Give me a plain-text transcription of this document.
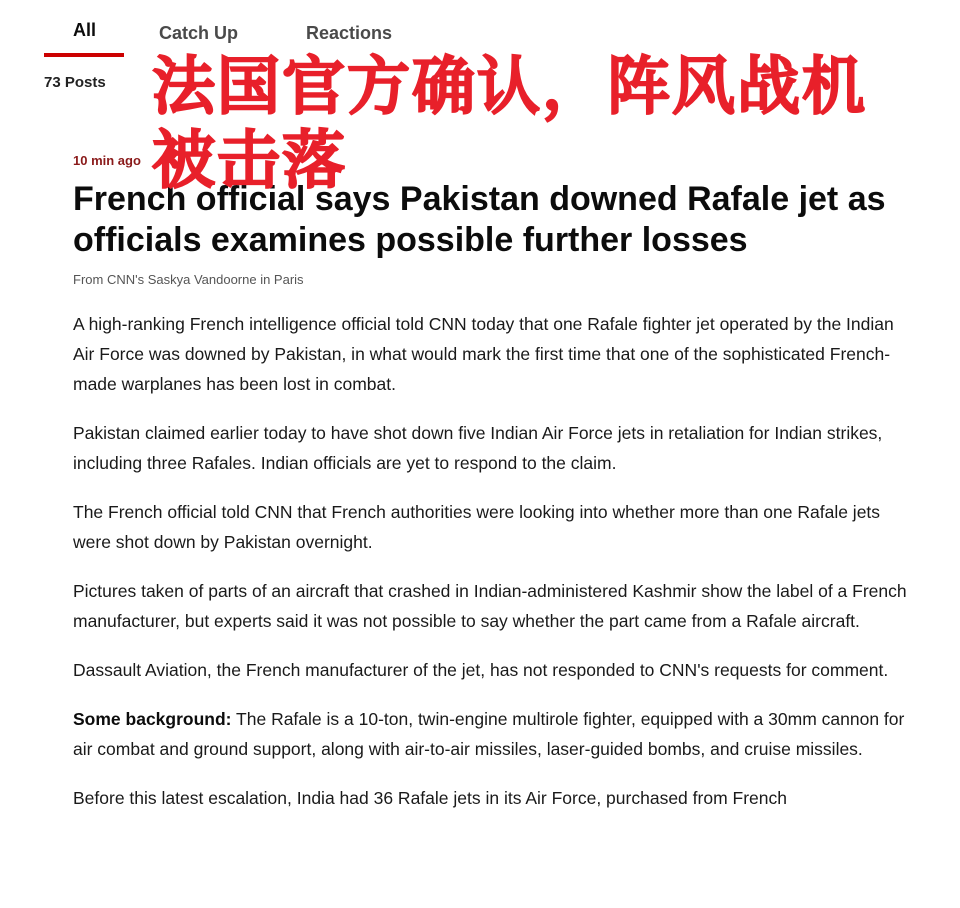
All	Catch Up	Reactions
73 Posts 法国官方确认，阵风战机
被击落
10 min ago
French official says Pakistan downed Rafale jet as officials examines possible further losses
From CNN's Saskya Vandoorne in Paris

A high-ranking French intelligence official told CNN today that one Rafale fighter jet operated by the Indian Air Force was downed by Pakistan, in what would mark the first time that one of the sophisticated French-made warplanes has been lost in combat.

Pakistan claimed earlier today to have shot down five Indian Air Force jets in retaliation for Indian strikes, including three Rafales. Indian officials are yet to respond to the claim.

The French official told CNN that French authorities were looking into whether more than one Rafale jets were shot down by Pakistan overnight.

Pictures taken of parts of an aircraft that crashed in Indian-administered Kashmir show the label of a French manufacturer, but experts said it was not possible to say whether the part came from a Rafale aircraft.

Dassault Aviation, the French manufacturer of the jet, has not responded to CNN's requests for comment.

Some background: The Rafale is a 10-ton, twin-engine multirole fighter, equipped with a 30mm cannon for air combat and ground support, along with air-to-air missiles, laser-guided bombs, and cruise missiles.

Before this latest escalation, India had 36 Rafale jets in its Air Force, purchased from French
